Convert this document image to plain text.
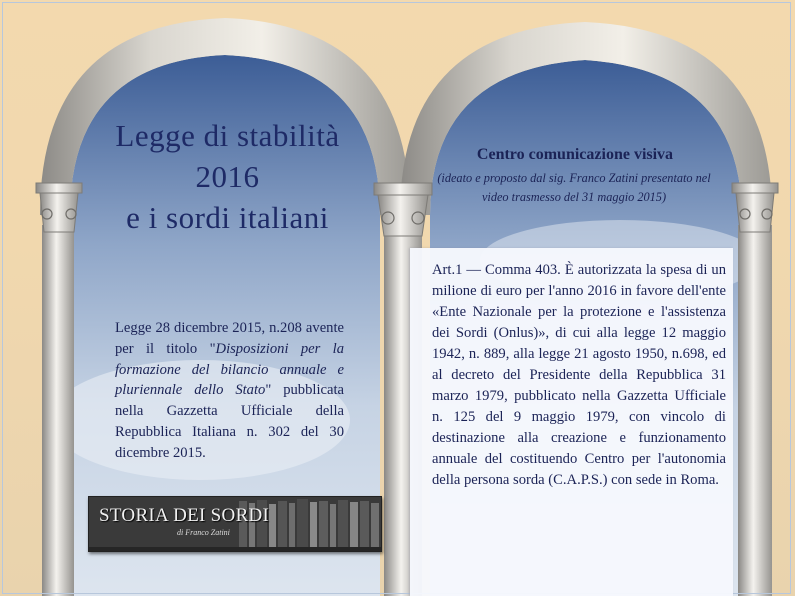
Legge di stabilità
2016
e i sordi italiani
Legge 28 dicembre 2015, n.208 avente per il titolo "Disposizioni per la formazione del bilancio annuale e pluriennale dello Stato" pubblicata nella Gazzetta Ufficiale della Repubblica Italiana n. 302 del 30 dicembre 2015.
STORIA DEI SORDI
di Franco Zatini
Centro comunicazione visiva
(ideato e proposto dal sig. Franco Zatini presentato nel video trasmesso del 31 maggio 2015)

Art.1 — Comma 403. È autorizzata la spesa di un milione di euro per l'anno 2016 in favore dell'ente «Ente Nazionale per la protezione e l'assistenza dei Sordi (Onlus)», di cui alla legge 12 maggio 1942, n. 889, alla legge 21 agosto 1950, n.698, ed al decreto del Presidente della Repubblica 31 marzo 1979, pubblicato nella Gazzetta Ufficiale n. 125 del 9 maggio 1979, con vincolo di destinazione alla creazione e funzionamento annuale del costituendo Centro per l'autonomia della persona sorda (C.A.P.S.) con sede in Roma.
